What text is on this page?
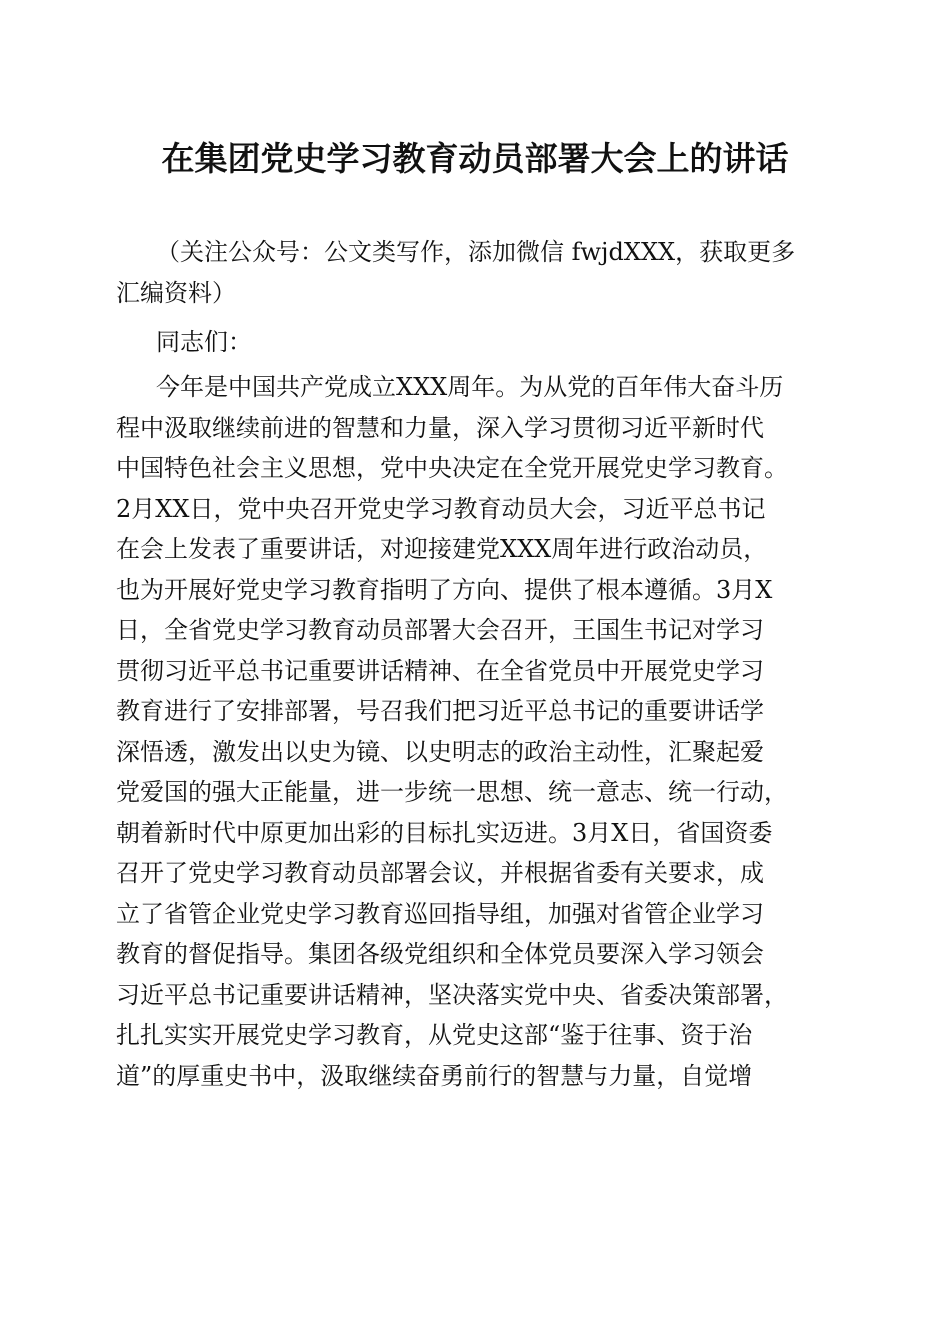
在集团党史学习教育动员部署大会上的讲话
（关注公众号：公文类写作，添加微信 fwjdXXX，获取更多
汇编资料）
同志们：
今年是中国共产党成立XXX周年。为从党的百年伟大奋斗历
程中汲取继续前进的智慧和力量，深入学习贯彻习近平新时代
中国特色社会主义思想，党中央决定在全党开展党史学习教育。
2月XX日，党中央召开党史学习教育动员大会，习近平总书记
在会上发表了重要讲话，对迎接建党XXX周年进行政治动员，
也为开展好党史学习教育指明了方向、提供了根本遵循。3月X
日，全省党史学习教育动员部署大会召开，王国生书记对学习
贯彻习近平总书记重要讲话精神、在全省党员中开展党史学习
教育进行了安排部署，号召我们把习近平总书记的重要讲话学
深悟透，激发出以史为镜、以史明志的政治主动性，汇聚起爱
党爱国的强大正能量，进一步统一思想、统一意志、统一行动，
朝着新时代中原更加出彩的目标扎实迈进。3月X日，省国资委
召开了党史学习教育动员部署会议，并根据省委有关要求，成
立了省管企业党史学习教育巡回指导组，加强对省管企业学习
教育的督促指导。集团各级党组织和全体党员要深入学习领会
习近平总书记重要讲话精神，坚决落实党中央、省委决策部署，
扎扎实实开展党史学习教育，从党史这部“鉴于往事、资于治
道”的厚重史书中，汲取继续奋勇前行的智慧与力量，自觉增
